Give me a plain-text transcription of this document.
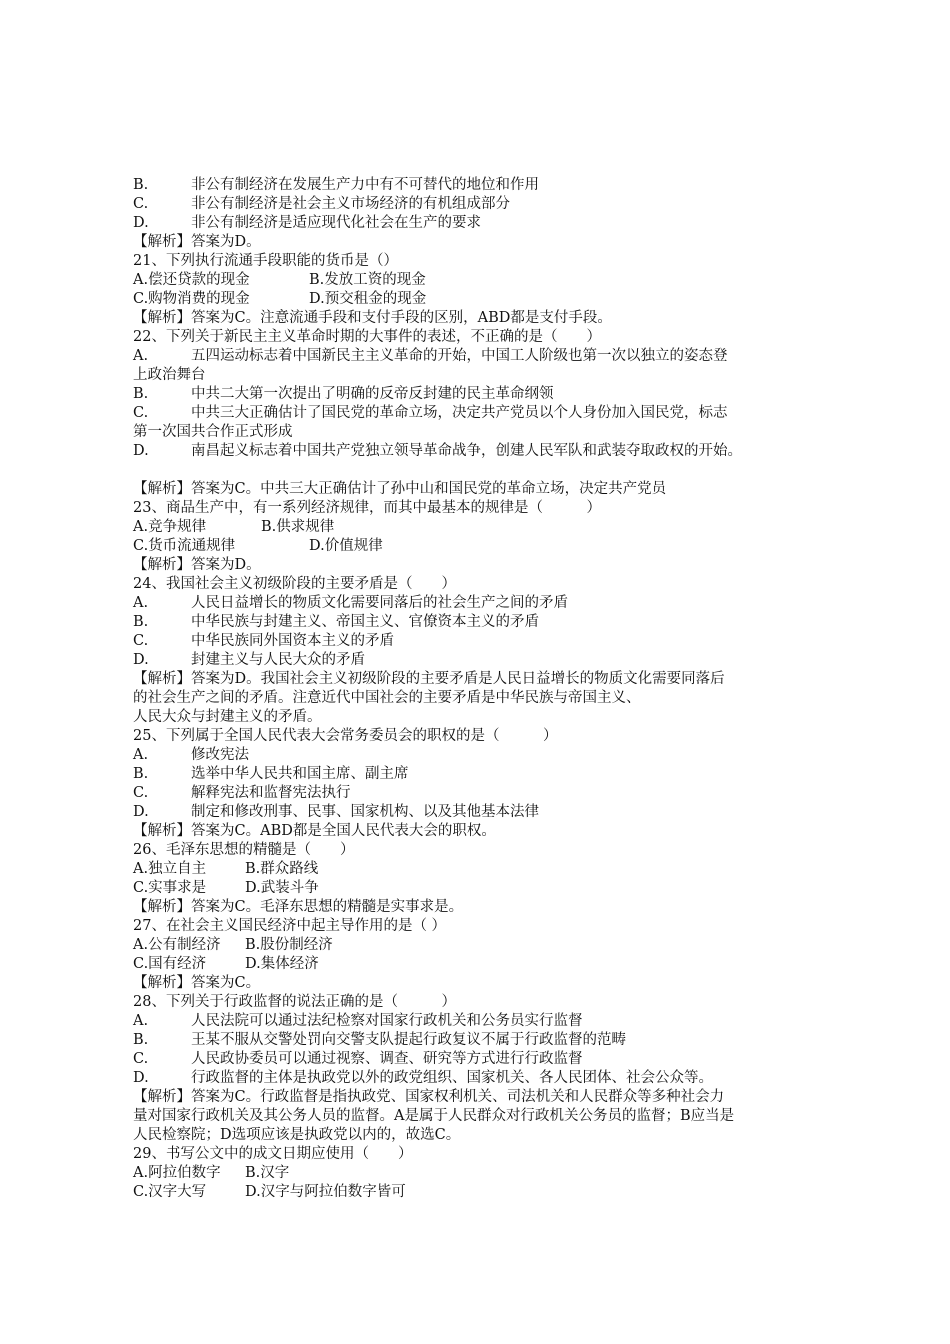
B.	非公有制经济在发展生产力中有不可替代的地位和作用
C.	非公有制经济是社会主义市场经济的有机组成部分
D.	非公有制经济是适应现代化社会在生产的要求
【解析】答案为D。
21、下列执行流通手段职能的货币是（）
A.偿还贷款的现金	B.发放工资的现金
C.购物消费的现金	D.预交租金的现金
【解析】答案为C。注意流通手段和支付手段的区别，ABD都是支付手段。
22、下列关于新民主主义革命时期的大事件的表述，不正确的是（　　）
A.	五四运动标志着中国新民主主义革命的开始，中国工人阶级也第一次以独立的姿态登
上政治舞台
B.	中共二大第一次提出了明确的反帝反封建的民主革命纲领
C.	中共三大正确估计了国民党的革命立场，决定共产党员以个人身份加入国民党，标志
第一次国共合作正式形成
D.	南昌起义标志着中国共产党独立领导革命战争，创建人民军队和武装夺取政权的开始。
【解析】答案为C。中共三大正确估计了孙中山和国民党的革命立场，决定共产党员
23、商品生产中，有一系列经济规律，而其中最基本的规律是（　　　）
A.竞争规律	B.供求规律
C.货币流通规律	D.价值规律
【解析】答案为D。
24、我国社会主义初级阶段的主要矛盾是（　　）
A.	人民日益增长的物质文化需要同落后的社会生产之间的矛盾
B.	中华民族与封建主义、帝国主义、官僚资本主义的矛盾
C.	中华民族同外国资本主义的矛盾
D.	封建主义与人民大众的矛盾
【解析】答案为D。我国社会主义初级阶段的主要矛盾是人民日益增长的物质文化需要同落后
的社会生产之间的矛盾。注意近代中国社会的主要矛盾是中华民族与帝国主义、
人民大众与封建主义的矛盾。
25、下列属于全国人民代表大会常务委员会的职权的是（　　　）
A.	修改宪法
B.	选举中华人民共和国主席、副主席
C.	解释宪法和监督宪法执行
D.	制定和修改刑事、民事、国家机构、以及其他基本法律
【解析】答案为C。ABD都是全国人民代表大会的职权。
26、毛泽东思想的精髓是（　　）
A.独立自主	B.群众路线
C.实事求是	D.武装斗争
【解析】答案为C。毛泽东思想的精髓是实事求是。
27、在社会主义国民经济中起主导作用的是（ ）
A.公有制经济	B.股份制经济
C.国有经济	D.集体经济
【解析】答案为C。
28、下列关于行政监督的说法正确的是（　　　）
A.	人民法院可以通过法纪检察对国家行政机关和公务员实行监督
B.	王某不服从交警处罚向交警支队提起行政复议不属于行政监督的范畴
C.	人民政协委员可以通过视察、调查、研究等方式进行行政监督
D.	行政监督的主体是执政党以外的政党组织、国家机关、各人民团体、社会公众等。
【解析】答案为C。行政监督是指执政党、国家权利机关、司法机关和人民群众等多种社会力
量对国家行政机关及其公务人员的监督。A是属于人民群众对行政机关公务员的监督；B应当是
人民检察院；D选项应该是执政党以内的，故选C。
29、书写公文中的成文日期应使用（　　）
A.阿拉伯数字	B.汉字
C.汉字大写	D.汉字与阿拉伯数字皆可
